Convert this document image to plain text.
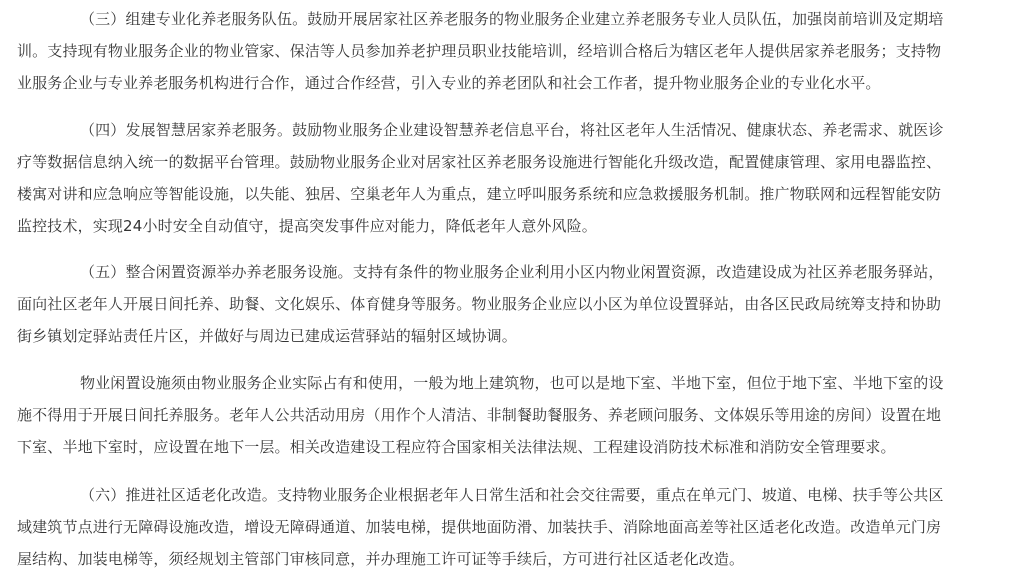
（三）组建专业化养老服务队伍。鼓励开展居家社区养老服务的物业服务企业建立养老服务专业人员队伍，加强岗前培训及定期培
训。支持现有物业服务企业的物业管家、保洁等人员参加养老护理员职业技能培训，经培训合格后为辖区老年人提供居家养老服务；支持物
业服务企业与专业养老服务机构进行合作，通过合作经营，引入专业的养老团队和社会工作者，提升物业服务企业的专业化水平。
（四）发展智慧居家养老服务。鼓励物业服务企业建设智慧养老信息平台，将社区老年人生活情况、健康状态、养老需求、就医诊
疗等数据信息纳入统一的数据平台管理。鼓励物业服务企业对居家社区养老服务设施进行智能化升级改造，配置健康管理、家用电器监控、
楼寓对讲和应急响应等智能设施，以失能、独居、空巢老年人为重点，建立呼叫服务系统和应急救援服务机制。推广物联网和远程智能安防
监控技术，实现24小时安全自动值守，提高突发事件应对能力，降低老年人意外风险。
（五）整合闲置资源举办养老服务设施。支持有条件的物业服务企业利用小区内物业闲置资源，改造建设成为社区养老服务驿站，
面向社区老年人开展日间托养、助餐、文化娱乐、体育健身等服务。物业服务企业应以小区为单位设置驿站，由各区民政局统筹支持和协助
街乡镇划定驿站责任片区，并做好与周边已建成运营驿站的辐射区域协调。
物业闲置设施须由物业服务企业实际占有和使用，一般为地上建筑物，也可以是地下室、半地下室，但位于地下室、半地下室的设
施不得用于开展日间托养服务。老年人公共活动用房（用作个人清洁、非制餐助餐服务、养老顾问服务、文体娱乐等用途的房间）设置在地
下室、半地下室时，应设置在地下一层。相关改造建设工程应符合国家相关法律法规、工程建设消防技术标准和消防安全管理要求。
（六）推进社区适老化改造。支持物业服务企业根据老年人日常生活和社会交往需要，重点在单元门、坡道、电梯、扶手等公共区
域建筑节点进行无障碍设施改造，增设无障碍通道、加装电梯，提供地面防滑、加装扶手、消除地面高差等社区适老化改造。改造单元门房
屋结构、加装电梯等，须经规划主管部门审核同意，并办理施工许可证等手续后，方可进行社区适老化改造。
